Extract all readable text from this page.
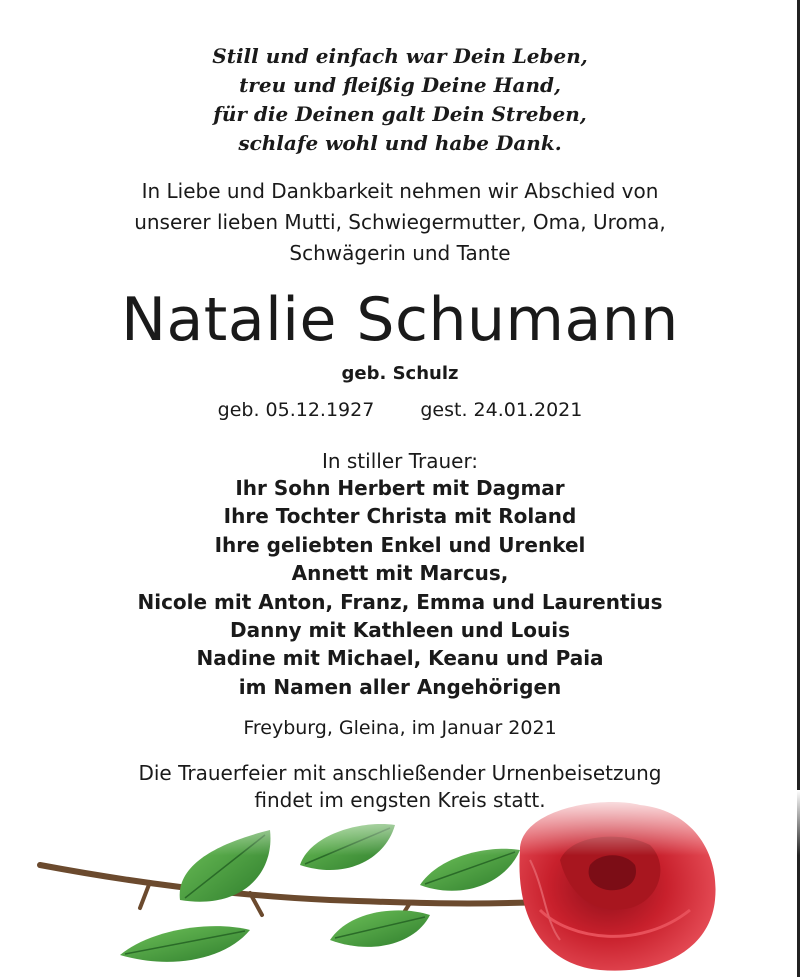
Still und einfach war Dein Leben,
treu und fleißig Deine Hand,
für die Deinen galt Dein Streben,
schlafe wohl und habe Dank.
In Liebe und Dankbarkeit nehmen wir Abschied von
unserer lieben Mutti, Schwiegermutter, Oma, Uroma,
Schwägerin und Tante
Natalie Schumann
geb. Schulz
geb. 05.12.1927 gest. 24.01.2021
In stiller Trauer:
Ihr Sohn Herbert mit Dagmar
Ihre Tochter Christa mit Roland
Ihre geliebten Enkel und Urenkel
Annett mit Marcus,
Nicole mit Anton, Franz, Emma und Laurentius
Danny mit Kathleen und Louis
Nadine mit Michael, Keanu und Paia
im Namen aller Angehörigen
Freyburg, Gleina, im Januar 2021
Die Trauerfeier mit anschließender Urnenbeisetzung
findet im engsten Kreis statt.
